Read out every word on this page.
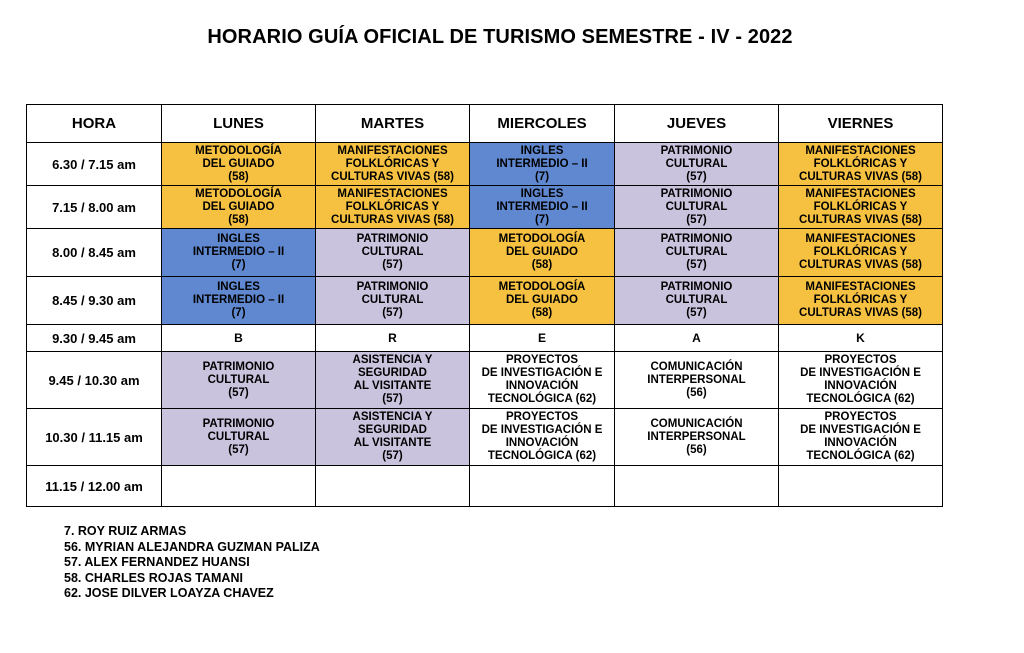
HORARIO GUÍA OFICIAL DE TURISMO SEMESTRE - IV - 2022
HORA	LUNES	MARTES	MIERCOLES	JUEVES	VIERNES
6.30 / 7.15 am	METODOLOGÍA
DEL GUIADO
(58)	MANIFESTACIONES
FOLKLÓRICAS Y
CULTURAS VIVAS (58)	INGLES
INTERMEDIO – II
(7)	PATRIMONIO
CULTURAL
(57)	MANIFESTACIONES
FOLKLÓRICAS Y
CULTURAS VIVAS (58)

7.15 / 8.00 am	METODOLOGÍA
DEL GUIADO
(58)	MANIFESTACIONES
FOLKLÓRICAS Y
CULTURAS VIVAS (58)	INGLES
INTERMEDIO – II
(7)	PATRIMONIO
CULTURAL
(57)	MANIFESTACIONES
FOLKLÓRICAS Y
CULTURAS VIVAS (58)

8.00 / 8.45 am	INGLES
INTERMEDIO – II
(7)	PATRIMONIO
CULTURAL
(57)	METODOLOGÍA
DEL GUIADO
(58)	PATRIMONIO
CULTURAL
(57)	MANIFESTACIONES
FOLKLÓRICAS Y
CULTURAS VIVAS (58)

8.45 / 9.30 am	INGLES
INTERMEDIO – II
(7)	PATRIMONIO
CULTURAL
(57)	METODOLOGÍA
DEL GUIADO
(58)	PATRIMONIO
CULTURAL
(57)	MANIFESTACIONES
FOLKLÓRICAS Y
CULTURAS VIVAS (58)

9.30 / 9.45 am	B	R	E	A	K
9.45 / 10.30 am	PATRIMONIO
CULTURAL
(57)	ASISTENCIA Y
SEGURIDAD
AL VISITANTE
(57)	PROYECTOS
DE INVESTIGACIÓN E
INNOVACIÓN
TECNOLÓGICA (62)	COMUNICACIÓN
INTERPERSONAL
(56)	PROYECTOS
DE INVESTIGACIÓN E
INNOVACIÓN
TECNOLÓGICA (62)

10.30 / 11.15 am	PATRIMONIO
CULTURAL
(57)	ASISTENCIA Y
SEGURIDAD
AL VISITANTE
(57)	PROYECTOS
DE INVESTIGACIÓN E
INNOVACIÓN
TECNOLÓGICA (62)	COMUNICACIÓN
INTERPERSONAL
(56)	PROYECTOS
DE INVESTIGACIÓN E
INNOVACIÓN
TECNOLÓGICA (62)

11.15 / 12.00 am					
7. ROY RUIZ ARMAS
56. MYRIAN ALEJANDRA GUZMAN PALIZA
57. ALEX FERNANDEZ HUANSI
58. CHARLES ROJAS TAMANI
62. JOSE DILVER LOAYZA CHAVEZ
